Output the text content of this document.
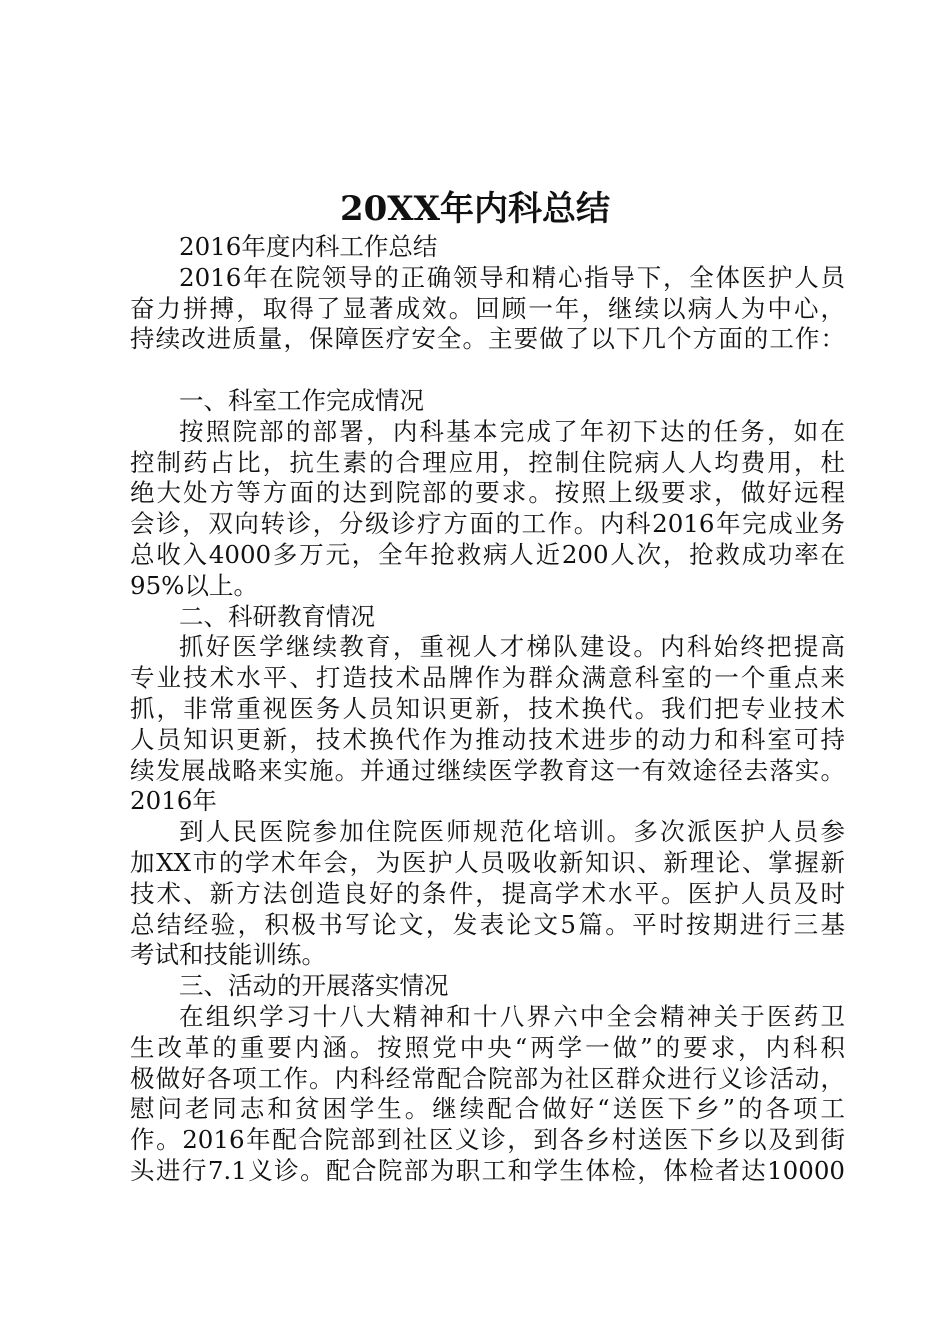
20XX年内科总结
2016年度内科工作总结
2016年在院领导的正确领导和精心指导下，全体医护人员
奋力拼搏，取得了显著成效。回顾一年，继续以病人为中心，
持续改进质量，保障医疗安全。主要做了以下几个方面的工作：
一、科室工作完成情况
按照院部的部署，内科基本完成了年初下达的任务，如在
控制药占比，抗生素的合理应用，控制住院病人人均费用，杜
绝大处方等方面的达到院部的要求。按照上级要求，做好远程
会诊，双向转诊，分级诊疗方面的工作。内科2016年完成业务
总收入4000多万元，全年抢救病人近200人次，抢救成功率在
95%以上。
二、科研教育情况
抓好医学继续教育，重视人才梯队建设。内科始终把提高
专业技术水平、打造技术品牌作为群众满意科室的一个重点来
抓，非常重视医务人员知识更新，技术换代。我们把专业技术
人员知识更新，技术换代作为推动技术进步的动力和科室可持
续发展战略来实施。并通过继续医学教育这一有效途径去落实。
2016年
到人民医院参加住院医师规范化培训。多次派医护人员参
加XX市的学术年会，为医护人员吸收新知识、新理论、掌握新
技术、新方法创造良好的条件，提高学术水平。医护人员及时
总结经验，积极书写论文，发表论文5篇。平时按期进行三基
考试和技能训练。
三、活动的开展落实情况
在组织学习十八大精神和十八界六中全会精神关于医药卫
生改革的重要内涵。按照党中央“两学一做”的要求，内科积
极做好各项工作。内科经常配合院部为社区群众进行义诊活动，
慰问老同志和贫困学生。继续配合做好“送医下乡”的各项工
作。2016年配合院部到社区义诊，到各乡村送医下乡以及到街
头进行7.1义诊。配合院部为职工和学生体检，体检者达10000
